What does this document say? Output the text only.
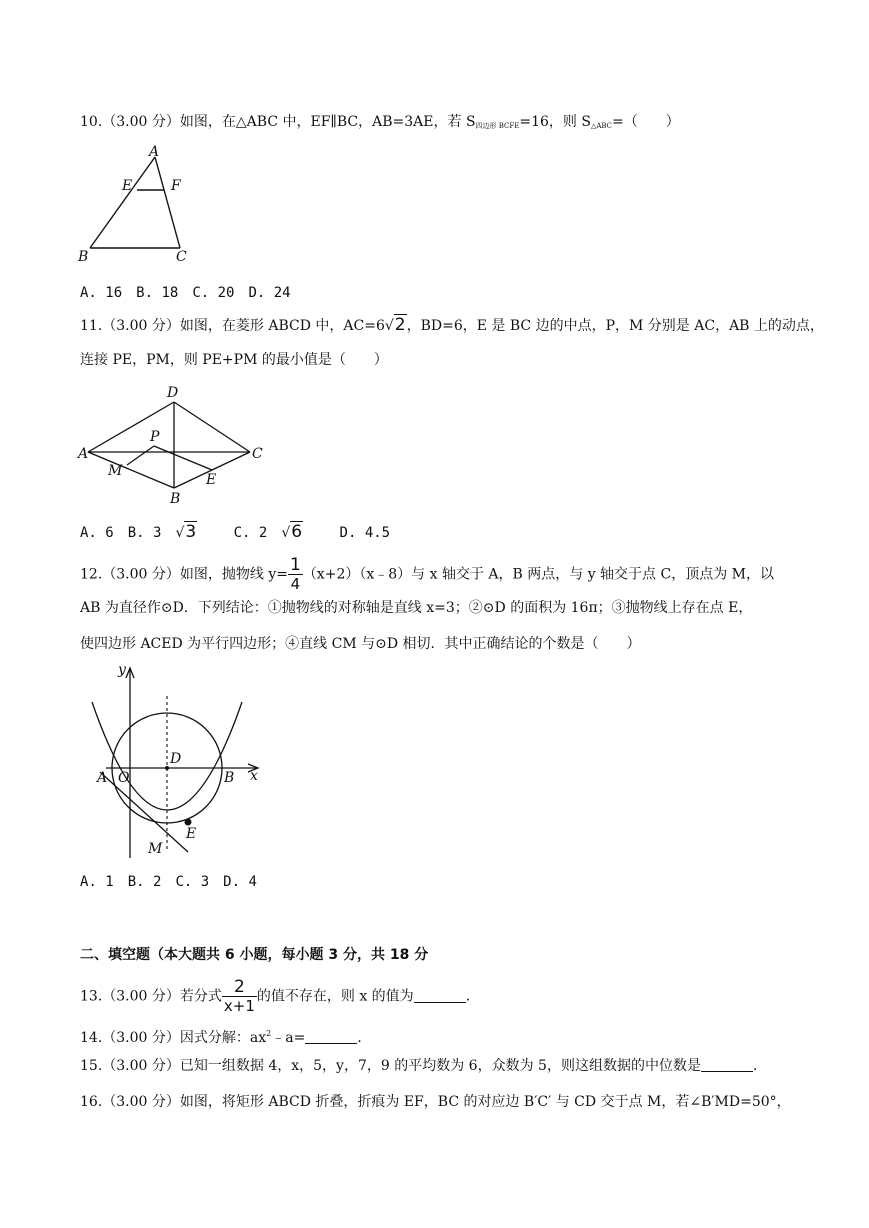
10.（3.00 分）如图，在△ABC 中，EF∥BC，AB=3AE，若 $S_{四边形 BCFE}=16$，则 $S_{\triangle ABC}=$（　　）
A
E	F
B	C
A. 16 B. 18 C. 20 D. 24
11.（3.00 分）如图，在菱形 ABCD 中，AC=6√2，BD=6，E 是 BC 边的中点，P，M 分别是 AC，AB 上的动点，
连接 PE，PM，则 PE+PM 的最小值是（　　）
D
A	C
P
M
E
B
A. 6 B. 3 √3	C. 2 √6	D. 4.5
12.（3.00 分）如图，抛物线 $y= \frac{1}{4}$ （x+2）（x﹣8）与 x 轴交于 A，B 两点，与 y 轴交于点 C，顶点为 M，以
AB 为直径作⊙D．下列结论：①抛物线的对称轴是直线 x=3；②⊙D 的面积为 16π；③抛物线上存在点 E，
使四边形 ACED 为平行四边形；④直线 CM 与⊙D 相切．其中正确结论的个数是（　　）
y
x
A O
D
B
E
M
A. 1 B. 2 C. 3 D. 4
二、填空题（本大题共 6 小题，每小题 3 分，共 18 分
13.（3.00 分）若分式 $\frac{2}{x+1}$ 的值不存在，则 x 的值为	．
14.（3.00 分）因式分解：$ax^2﹣a=$	．
15.（3.00 分）已知一组数据 4，x，5，y，7，9 的平均数为 6，众数为 5，则这组数据的中位数是	．
16.（3.00 分）如图，将矩形 ABCD 折叠，折痕为 EF，BC 的对应边 B′C′ 与 CD 交于点 M，若∠B′MD=50°，
